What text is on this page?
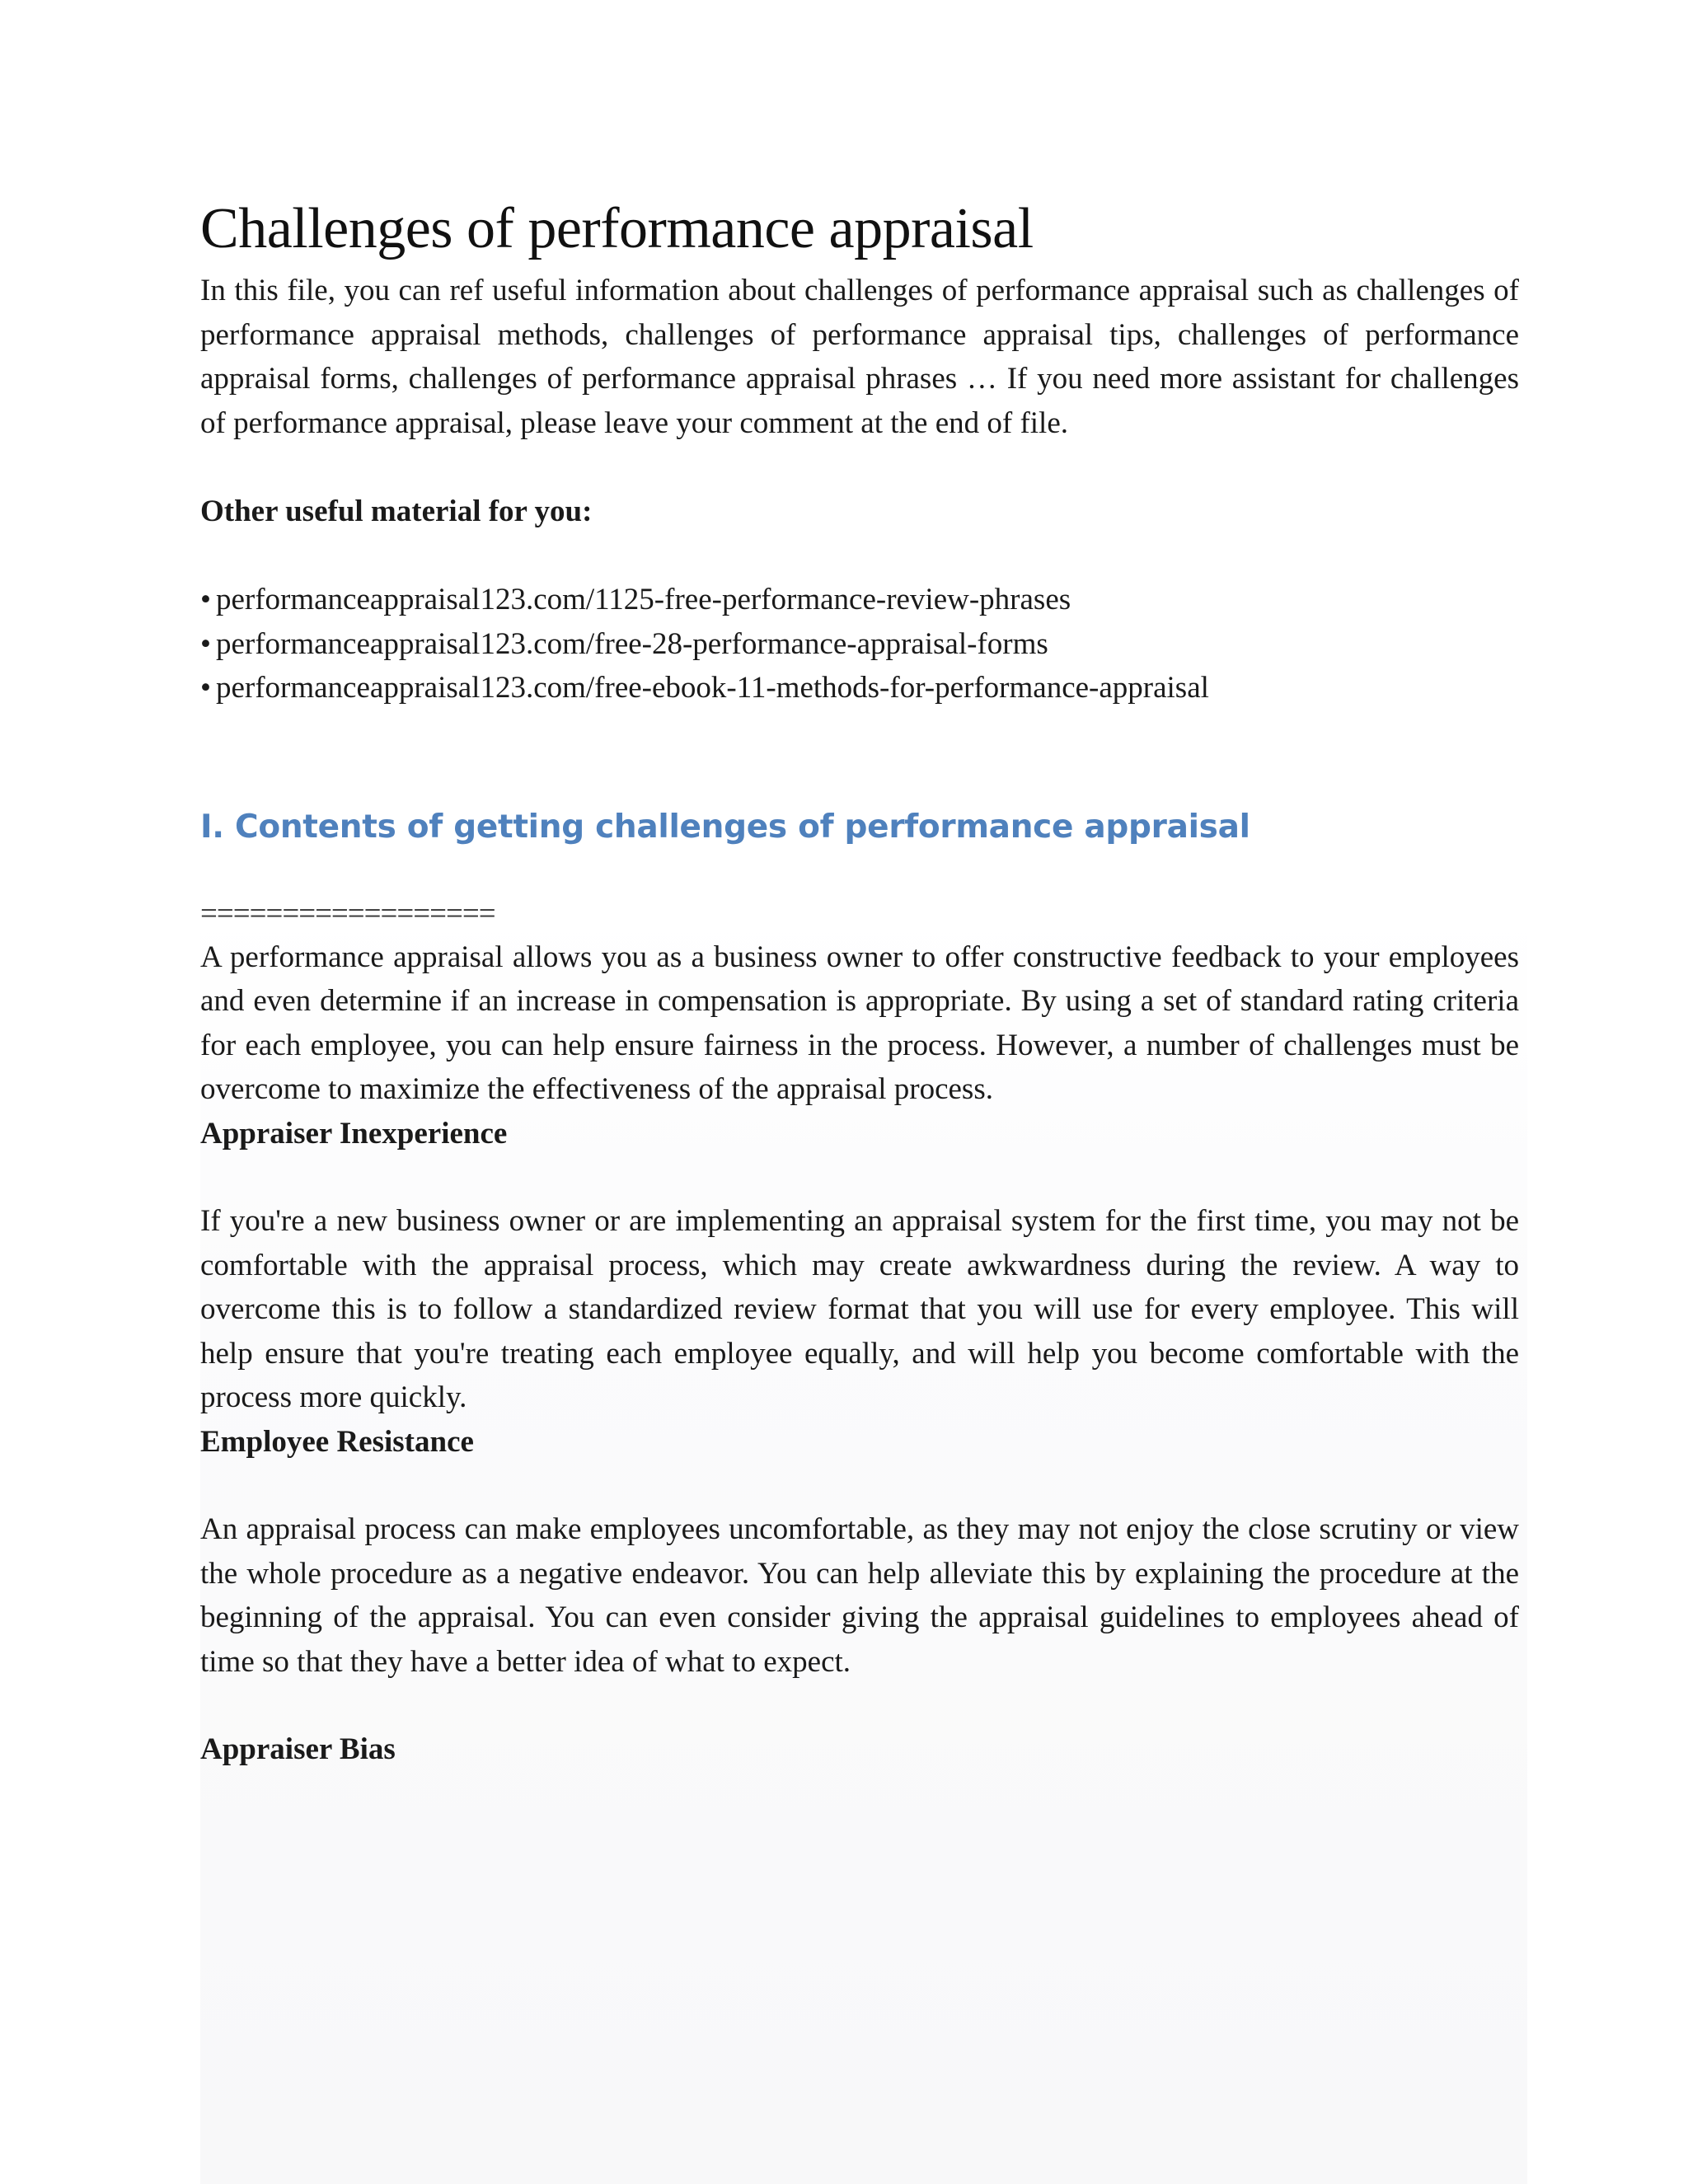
Challenges of performance appraisal

In this file, you can ref useful information about challenges of performance appraisal such as challenges of performance appraisal methods, challenges of performance appraisal tips, challenges of performance appraisal forms, challenges of performance appraisal phrases … If you need more assistant for challenges of performance appraisal, please leave your comment at the end of file.

Other useful material for you:
• performanceappraisal123.com/1125-free-performance-review-phrases
• performanceappraisal123.com/free-28-performance-appraisal-forms
• performanceappraisal123.com/free-ebook-11-methods-for-performance-appraisal
I. Contents of getting challenges of performance appraisal
==================

A performance appraisal allows you as a business owner to offer constructive feedback to your employees and even determine if an increase in compensation is appropriate. By using a set of standard rating criteria for each employee, you can help ensure fairness in the process. However, a number of challenges must be overcome to maximize the effectiveness of the appraisal process.

Appraiser Inexperience

If you're a new business owner or are implementing an appraisal system for the first time, you may not be comfortable with the appraisal process, which may create awkwardness during the review. A way to overcome this is to follow a standardized review format that you will use for every employee. This will help ensure that you're treating each employee equally, and will help you become comfortable with the process more quickly.

Employee Resistance

An appraisal process can make employees uncomfortable, as they may not enjoy the close scrutiny or view the whole procedure as a negative endeavor. You can help alleviate this by explaining the procedure at the beginning of the appraisal. You can even consider giving the appraisal guidelines to employees ahead of time so that they have a better idea of what to expect.

Appraiser Bias
